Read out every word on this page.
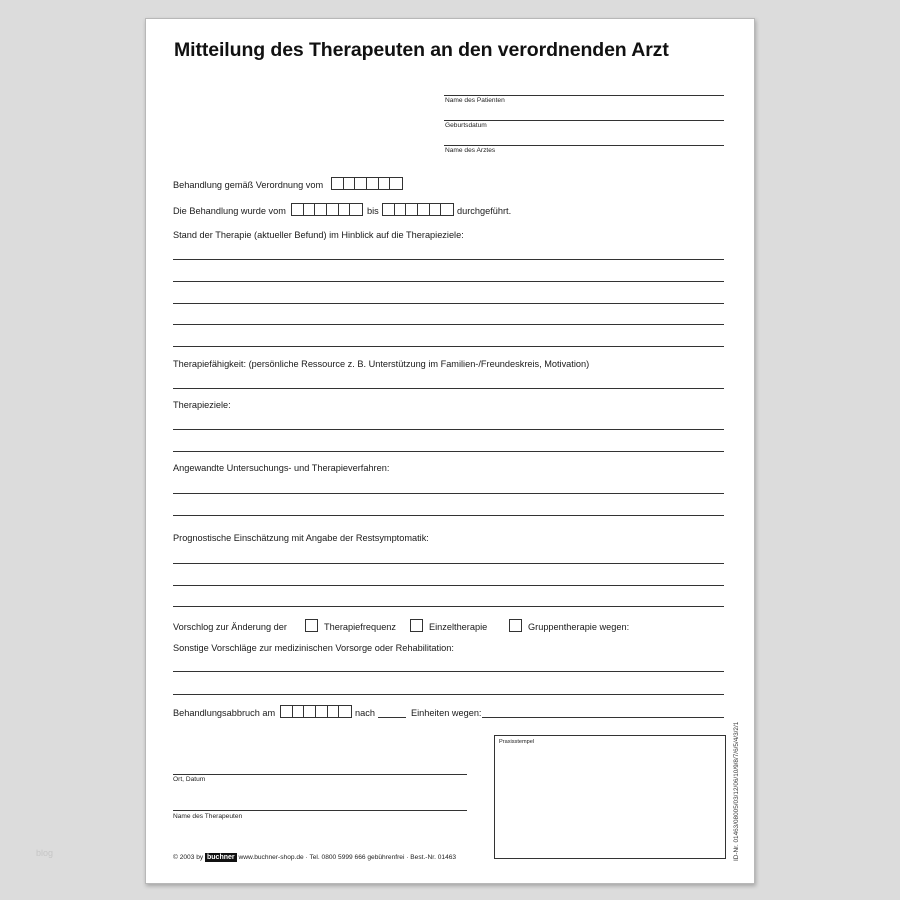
Mitteilung des Therapeuten an den verordnenden Arzt
Name des Patienten
Geburtsdatum
Name des Arztes
Behandlung gemäß Verordnung vom
Die Behandlung wurde vom	bis	durchgeführt.
Stand der Therapie (aktueller Befund) im Hinblick auf die Therapieziele:
Therapiefähigkeit: (persönliche Ressource z. B. Unterstützung im Familien-/Freundeskreis, Motivation)
Therapieziele:
Angewandte Untersuchungs- und Therapieverfahren:
Prognostische Einschätzung mit Angabe der Restsymptomatik:
Vorschlog zur Änderung der	Therapiefrequenz	Einzeltherapie	Gruppentherapie wegen:
Sonstige Vorschläge zur medizinischen Vorsorge oder Rehabilitation:
Behandlungsabbruch am	nach	Einheiten wegen:
Praxisstempel
Ort, Datum
Name des Therapeuten
© 2003 by buchner www.buchner-shop.de · Tel. 0800 5999 666 gebührenfrei · Best.-Nr. 01463	ID-Nr. 01463/08005/03/12/06/10/9/8/7/6/5/4/3/2/1
blog
